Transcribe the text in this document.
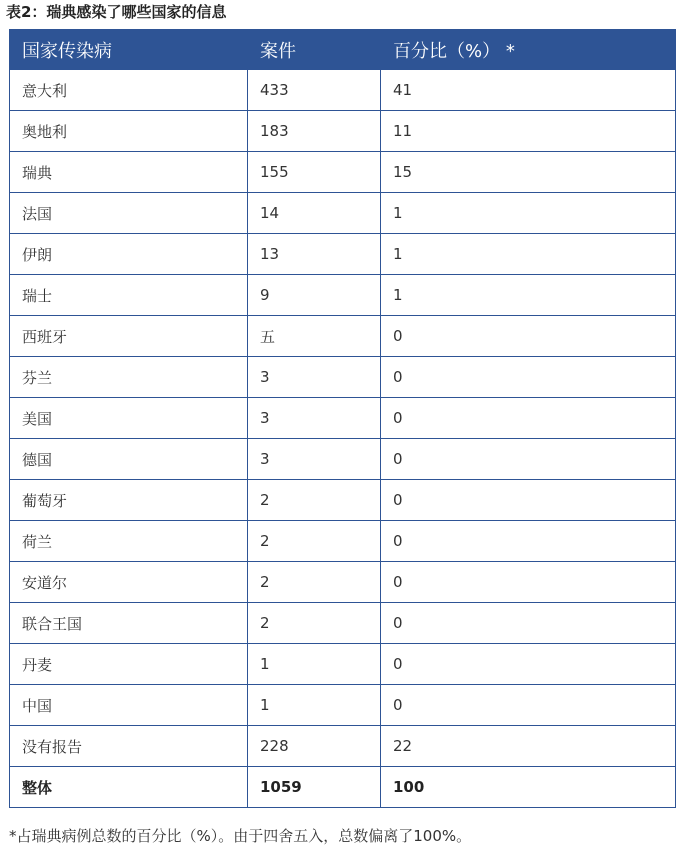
表2：瑞典感染了哪些国家的信息
国家传染病	案件	百分比（%） *
意大利	433	41
奥地利	183	11
瑞典	155	15
法国	14	1
伊朗	13	1
瑞士	9	1
西班牙	五	0
芬兰	3	0
美国	3	0
德国	3	0
葡萄牙	2	0
荷兰	2	0
安道尔	2	0
联合王国	2	0
丹麦	1	0
中国	1	0
没有报告	228	22
整体	1059	100
*占瑞典病例总数的百分比（%）。由于四舍五入，总数偏离了100%。
